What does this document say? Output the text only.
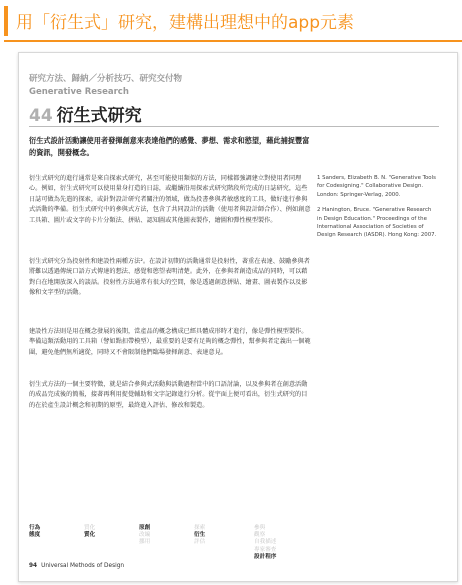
用「衍生式」研究，建構出理想中的app元素
研究方法、歸納／分析技巧、研究交付物
Generative Research
44 衍生式研究
衍生式設計活動讓使用者發揮創意來表達他們的感覺、夢想、需求和慾望，藉此捕捉豐富的資訊，開發概念。
衍生式研究的進行通常是來自探索式研究，甚至可能使用類似的方法，同樣都強調建立對使用者同理心。例如，衍生式研究可以使用量身打造的日誌，或繼續沿用探索式研究階段所完成的日誌研究，這些日誌可做為先遣的探索，或針對設計研究者關注的領域，做為投書參與者敏感度的工具，做好進行參與式活動的準備。衍生式研究中的參與式方法，包含了共同設計的活動（使用者與設計師合作）、例如創意工具箱、圖片或文字的卡片分類法、拼貼、認知圖或其他圖表製作，繪圖和彈性模型製作。
衍生式研究分為投射性和建設性兩種方法²。在設計初期的活動通常是投射性，著重在表達、鼓勵參與者將難以透過傳統口語方式傳達的想法、感覺和慾望表明清楚。此外，在參與者創造成品的同時，可以藉對白在地開放深入的談話。投射性方法通常有很大的空間，像是透過創意拼貼、繪畫、圖表製作以及影像和文字型的活動。
建設性方法則是用在概念發展的後期，當產品的概念構成已經具體成形時才進行，像是彈性模型製作。準備這類活動用的工具箱（譬如點扣帶模型），最重要的是要有足夠的概念彈性，幫參與者定義出一個範圍，避免他們無所適從，同時又不會限制他們臨場發揮創意、表達意見。
衍生式方法的一個主要特徵，就是結合參與式活動與活動過程當中的口語討論，以及參與者在創意活動的成品完成後的簡報，接著再利用捉覺輔助和文字記錄進行分析。從宇面上便可看出，衍生式研究的目的在於產生設計概念和初期的原型，最終進入評估、修改和製造。

1 Sanders, Elizabeth B. N. "Generative Tools for Codesigning." Collaborative Design. London: Springer-Verlag, 2000.

2 Hanington, Bruce. "Generative Research in Design Education." Proceedings of the International Association of Societies of Design Research (IASDR). Hong Kong: 2007.

行為
態度
質化
質化
原創
改編
挪用
探索
衍生
評估
參與
觀察
自我描述
專家審查
設計程序
94 Universal Methods of Design
